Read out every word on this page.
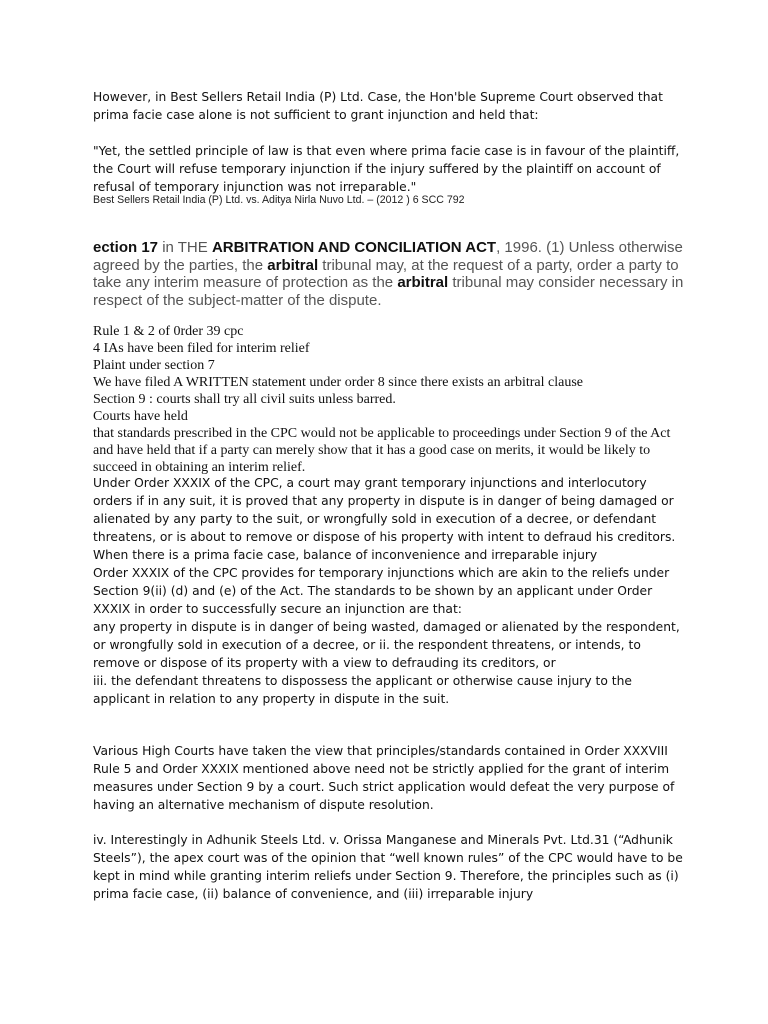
However, in Best Sellers Retail India (P) Ltd. Case, the Hon'ble Supreme Court observed that prima facie case alone is not sufficient to grant injunction and held that:

"Yet, the settled principle of law is that even where prima facie case is in favour of the plaintiff, the Court will refuse temporary injunction if the injury suffered by the plaintiff on account of refusal of temporary injunction was not irreparable."

Best Sellers Retail India (P) Ltd. vs. Aditya Nirla Nuvo Ltd. – (2012 ) 6 SCC 792
ection 17 in THE ARBITRATION AND CONCILIATION ACT, 1996. (1) Unless otherwise agreed by the parties, the arbitral tribunal may, at the request of a party, order a party to take any interim measure of protection as the arbitral tribunal may consider necessary in respect of the subject-matter of the dispute.
Rule 1 & 2 of 0rder 39 cpc
4 IAs have been filed for interim relief
Plaint under section 7
We have filed A WRITTEN statement under order 8 since there exists an arbitral clause
Section 9 : courts shall try all civil suits unless barred.
Courts have held
that standards prescribed in the CPC would not be applicable to proceedings under Section 9 of the Act and have held that if a party can merely show that it has a good case on merits, it would be likely to succeed in obtaining an interim relief.

Under Order XXXIX of the CPC, a court may grant temporary injunctions and interlocutory orders if in any suit, it is proved that any property in dispute is in danger of being damaged or alienated by any party to the suit, or wrongfully sold in execution of a decree, or defendant threatens, or is about to remove or dispose of his property with intent to defraud his creditors. When there is a prima facie case, balance of inconvenience and irreparable injury

Order XXXIX of the CPC provides for temporary injunctions which are akin to the reliefs under Section 9(ii) (d) and (e) of the Act. The standards to be shown by an applicant under Order XXXIX in order to successfully secure an injunction are that:

any property in dispute is in danger of being wasted, damaged or alienated by the respondent, or wrongfully sold in execution of a decree, or ii. the respondent threatens, or intends, to remove or dispose of its property with a view to defrauding its creditors, or

iii. the defendant threatens to dispossess the applicant or otherwise cause injury to the applicant in relation to any property in dispute in the suit.

Various High Courts have taken the view that principles/standards contained in Order XXXVIII Rule 5 and Order XXXIX mentioned above need not be strictly applied for the grant of interim measures under Section 9 by a court. Such strict application would defeat the very purpose of having an alternative mechanism of dispute resolution.

iv. Interestingly in Adhunik Steels Ltd. v. Orissa Manganese and Minerals Pvt. Ltd.31 (“Adhunik Steels”), the apex court was of the opinion that “well known rules” of the CPC would have to be kept in mind while granting interim reliefs under Section 9. Therefore, the principles such as (i) prima facie case, (ii) balance of convenience, and (iii) irreparable injury
